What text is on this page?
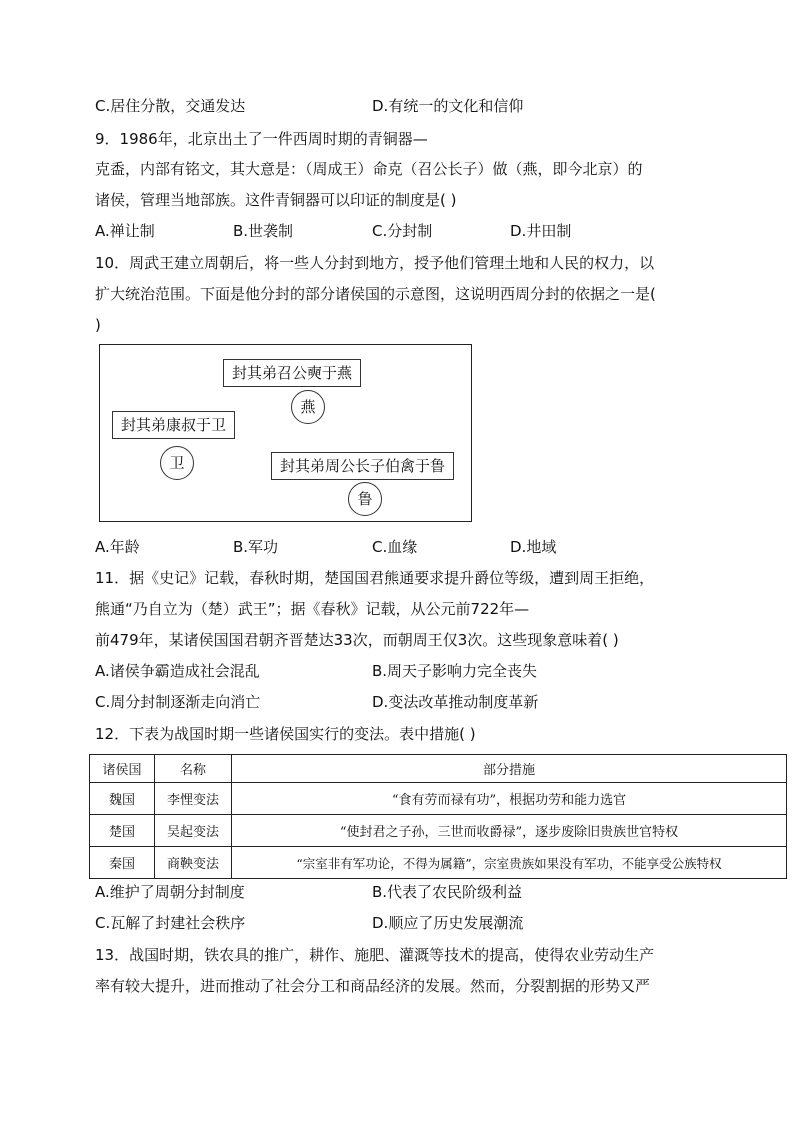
C.居住分散，交通发达	D.有统一的文化和信仰
9．1986年，北京出土了一件西周时期的青铜器—
克盉，内部有铭文，其大意是：（周成王）命克（召公长子）做（燕，即今北京）的
诸侯，管理当地部族。这件青铜器可以印证的制度是( )
A.禅让制	B.世袭制	C.分封制	D.井田制
10．周武王建立周朝后，将一些人分封到地方，授予他们管理土地和人民的权力，以
扩大统治范围。下面是他分封的部分诸侯国的示意图，这说明西周分封的依据之一是(
)
封其弟召公奭于燕
燕
封其弟康叔于卫
卫	封其弟周公长子伯禽于鲁
鲁
A.年龄	B.军功	C.血缘	D.地域
11．据《史记》记载，春秋时期，楚国国君熊通要求提升爵位等级，遭到周王拒绝，
熊通“乃自立为（楚）武王”；据《春秋》记载，从公元前722年—
前479年，某诸侯国国君朝齐晋楚达33次，而朝周王仅3次。这些现象意味着( )
A.诸侯争霸造成社会混乱	B.周天子影响力完全丧失
C.周分封制逐渐走向消亡	D.变法改革推动制度革新
12．下表为战国时期一些诸侯国实行的变法。表中措施( )
诸侯国	名称	部分措施
魏国	李悝变法	“食有劳而禄有功”，根据功劳和能力选官
楚国	吴起变法	“使封君之子孙，三世而收爵禄”，逐步废除旧贵族世官特权
秦国	商鞅变法	“宗室非有军功论，不得为属籍”，宗室贵族如果没有军功，不能享受公族特权
A.维护了周朝分封制度	B.代表了农民阶级利益
C.瓦解了封建社会秩序	D.顺应了历史发展潮流
13．战国时期，铁农具的推广，耕作、施肥、灌溉等技术的提高，使得农业劳动生产
率有较大提升，进而推动了社会分工和商品经济的发展。然而，分裂割据的形势又严
